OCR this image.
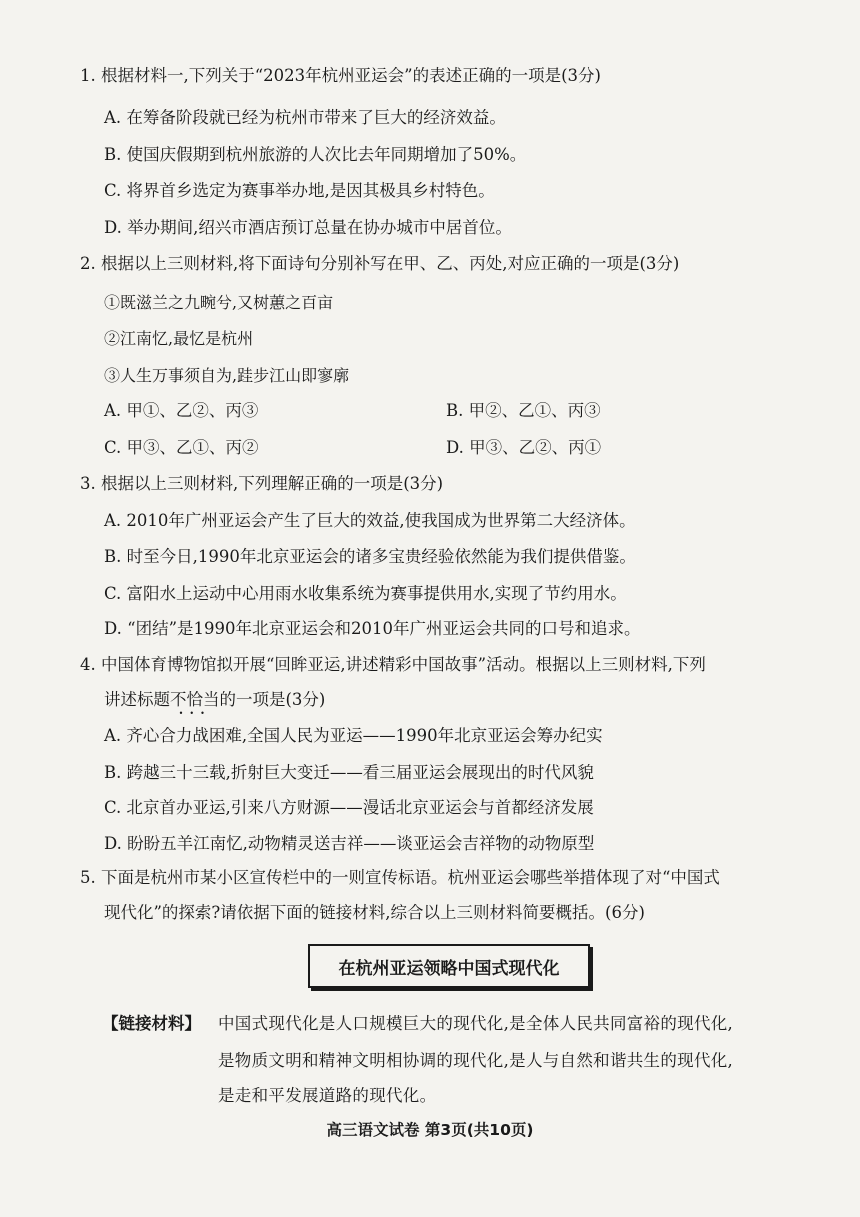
1. 根据材料一,下列关于“2023年杭州亚运会”的表述正确的一项是(3分)
A. 在筹备阶段就已经为杭州市带来了巨大的经济效益。
B. 使国庆假期到杭州旅游的人次比去年同期增加了50%。
C. 将界首乡选定为赛事举办地,是因其极具乡村特色。
D. 举办期间,绍兴市酒店预订总量在协办城市中居首位。
2. 根据以上三则材料,将下面诗句分别补写在甲、乙、丙处,对应正确的一项是(3分)
①既滋兰之九畹兮,又树蕙之百亩
②江南忆,最忆是杭州
③人生万事须自为,跬步江山即寥廓
A. 甲①、乙②、丙③	B. 甲②、乙①、丙③
C. 甲③、乙①、丙②	D. 甲③、乙②、丙①
3. 根据以上三则材料,下列理解正确的一项是(3分)
A. 2010年广州亚运会产生了巨大的效益,使我国成为世界第二大经济体。
B. 时至今日,1990年北京亚运会的诸多宝贵经验依然能为我们提供借鉴。
C. 富阳水上运动中心用雨水收集系统为赛事提供用水,实现了节约用水。
D. “团结”是1990年北京亚运会和2010年广州亚运会共同的口号和追求。
4. 中国体育博物馆拟开展“回眸亚运,讲述精彩中国故事”活动。根据以上三则材料,下列
讲述标题不恰当
•••
的一项是(3分)
A. 齐心合力战困难,全国人民为亚运——1990年北京亚运会筹办纪实
B. 跨越三十三载,折射巨大变迁——看三届亚运会展现出的时代风貌
C. 北京首办亚运,引来八方财源——漫话北京亚运会与首都经济发展
D. 盼盼五羊江南忆,动物精灵送吉祥——谈亚运会吉祥物的动物原型
5. 下面是杭州市某小区宣传栏中的一则宣传标语。杭州亚运会哪些举措体现了对“中国式
现代化”的探索?请依据下面的链接材料,综合以上三则材料简要概括。(6分)
在杭州亚运领略中国式现代化
【链接材料】 中国式现代化是人口规模巨大的现代化,是全体人民共同富裕的现代化,
是物质文明和精神文明相协调的现代化,是人与自然和谐共生的现代化,
是走和平发展道路的现代化。
高三语文试卷 第3页(共10页)
